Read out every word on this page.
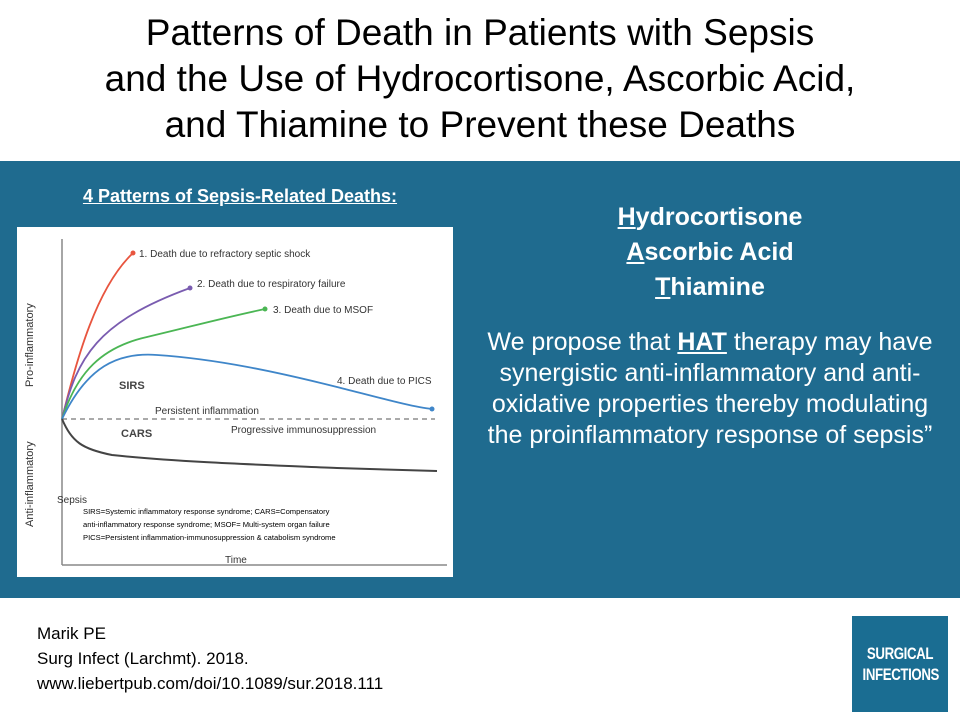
Patterns of Death in Patients with Sepsis
and the Use of Hydrocortisone, Ascorbic Acid,
and Thiamine to Prevent these Deaths
4 Patterns of Sepsis-Related Deaths:
Pro-inflammatory
Anti-inflammatory
1. Death due to refractory septic shock
2. Death due to respiratory failure
3. Death due to MSOF
4. Death due to PICS
SIRS
Persistent inflammation
CARS	Progressive immunosuppression
Sepsis
Time
SIRS=Systemic inflammatory response syndrome; CARS=Compensatory
anti-inflammatory response syndrome; MSOF= Multi-system organ failure
PICS=Persistent inflammation-immunosuppression & catabolism syndrome
Hydrocortisone
Ascorbic Acid
Thiamine
We propose that HAT therapy may have synergistic anti-inflammatory and anti-oxidative properties thereby modulating the proinflammatory response of sepsis”
Marik PE
Surg Infect (Larchmt). 2018.
www.liebertpub.com/doi/10.1089/sur.2018.111
SURGICAL
INFECTIONS
